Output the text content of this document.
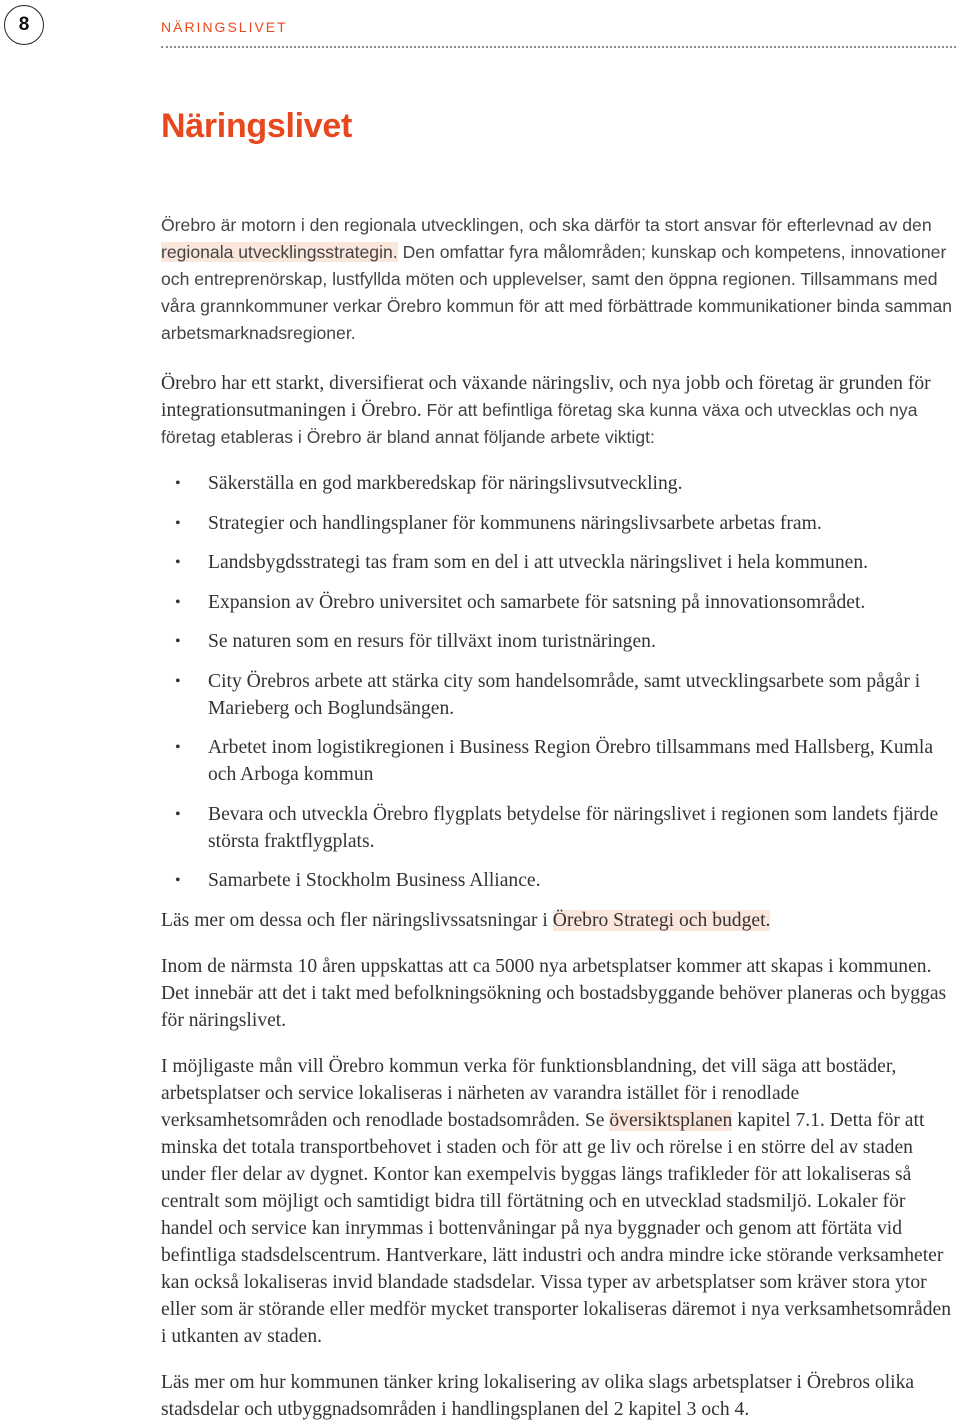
8	NÄRINGSLIVET
Näringslivet

Örebro är motorn i den regionala utvecklingen, och ska därför ta stort ansvar för efterlevnad av den regionala utvecklingsstrategin. Den omfattar fyra målområden; kunskap och kompetens, innovationer och entreprenörskap, lustfyllda möten och upplevelser, samt den öppna regionen. Tillsammans med våra grannkommuner verkar Örebro kommun för att med förbättrade kommunikationer binda samman arbetsmarknadsregioner.

Örebro har ett starkt, diversifierat och växande näringsliv, och nya jobb och företag är grunden för integrationsutmaningen i Örebro. För att befintliga företag ska kunna växa och utvecklas och nya företag etableras i Örebro är bland annat följande arbete viktigt:

• Säkerställa en god markberedskap för näringslivsutveckling.
• Strategier och handlingsplaner för kommunens näringslivsarbete arbetas fram.
• Landsbygdsstrategi tas fram som en del i att utveckla näringslivet i hela kommunen.
• Expansion av Örebro universitet och samarbete för satsning på innovationsområdet.
• Se naturen som en resurs för tillväxt inom turistnäringen.
• City Örebros arbete att stärka city som handelsområde, samt utvecklingsarbete som pågår i Marieberg och Boglundsängen.
• Arbetet inom logistikregionen i Business Region Örebro tillsammans med Hallsberg, Kumla och Arboga kommun
• Bevara och utveckla Örebro flygplats betydelse för näringslivet i regionen som landets fjärde största fraktflygplats.
• Samarbete i Stockholm Business Alliance.

Läs mer om dessa och fler näringslivssatsningar i Örebro Strategi och budget.

Inom de närmsta 10 åren uppskattas att ca 5000 nya arbetsplatser kommer att skapas i kommunen. Det innebär att det i takt med befolkningsökning och bostadsbyggande behöver planeras och byggas för näringslivet.

I möjligaste mån vill Örebro kommun verka för funktionsblandning, det vill säga att bostäder, arbetsplatser och service lokaliseras i närheten av varandra istället för i renodlade verksamhetsområden och renodlade bostadsområden. Se översiktsplanen kapitel 7.1. Detta för att minska det totala transportbehovet i staden och för att ge liv och rörelse i en större del av staden under fler delar av dygnet. Kontor kan exempelvis byggas längs trafikleder för att lokaliseras så centralt som möjligt och samtidigt bidra till förtätning och en utvecklad stadsmiljö. Lokaler för handel och service kan inrymmas i bottenvåningar på nya byggnader och genom att förtäta vid befintliga stadsdelscentrum. Hantverkare, lätt industri och andra mindre icke störande verksamheter kan också lokaliseras invid blandade stadsdelar. Vissa typer av arbetsplatser som kräver stora ytor eller som är störande eller medför mycket transporter lokaliseras däremot i nya verksamhetsområden i utkanten av staden.

Läs mer om hur kommunen tänker kring lokalisering av olika slags arbetsplatser i Örebros olika stadsdelar och utbyggnadsområden i handlingsplanen del 2 kapitel 3 och 4.
